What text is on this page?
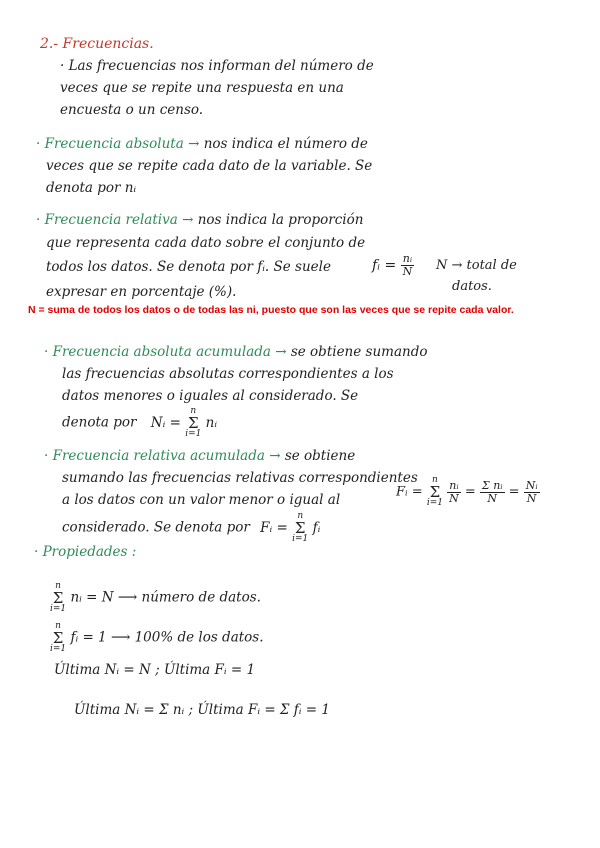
2.- Frecuencias.
· Las frecuencias nos informan del número de
veces que se repite una respuesta en una
encuesta o un censo.
· Frecuencia absoluta → nos indica el número de
veces que se repite cada dato de la variable. Se
denota por nᵢ
· Frecuencia relativa → nos indica la proporción
que representa cada dato sobre el conjunto de
todos los datos. Se denota por fᵢ. Se suele
expresar en porcentaje (%).
fᵢ = $\frac{\text{nᵢ}}{N}$ N → total de
datos.
N = suma de todos los datos o de todas las ni, puesto que son las veces que se repite cada valor.
· Frecuencia absoluta acumulada → se obtiene sumando
las frecuencias absolutas correspondientes a los
datos menores o iguales al considerado. Se
denota por Nᵢ = n
Σ
i=1 nᵢ
· Frecuencia relativa acumulada → se obtiene
sumando las frecuencias relativas correspondientes
a los datos con un valor menor o igual al
considerado. Se denota por Fᵢ = n
Σ
i=1 fᵢ
Fᵢ = n
Σ
$i=1 \frac{\text{nᵢ}}{N} = \frac{\text{Σ nᵢ}}{N} = \frac{\text{Nᵢ}}{N}$
· Propiedades :
n
Σ
i=1 nᵢ = N ⟶ número de datos.
n
Σ
i=1 fᵢ = 1 ⟶ 100% de los datos.
Última Nᵢ = N ; Última Fᵢ = 1
Última Nᵢ = Σ nᵢ ; Última Fᵢ = Σ fᵢ = 1
